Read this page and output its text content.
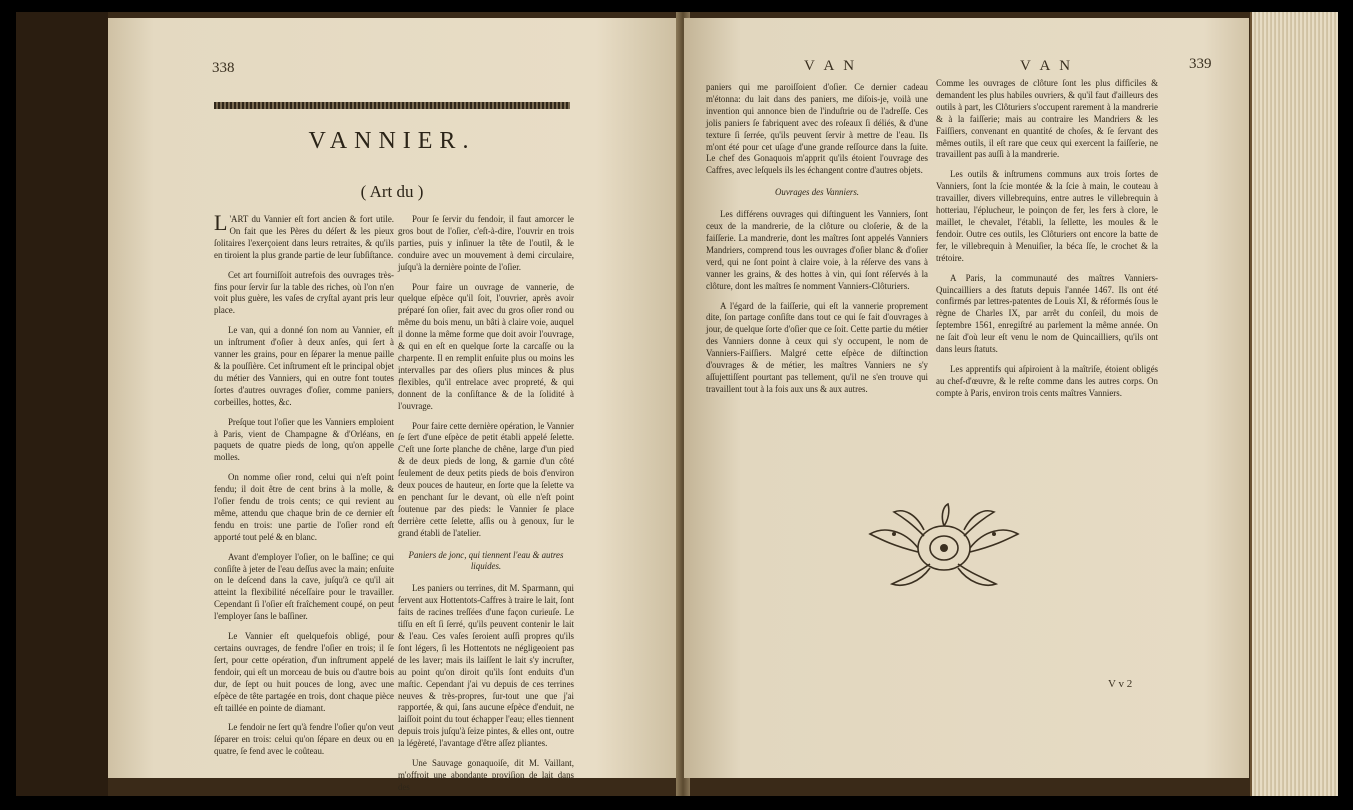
338
VANNIER.
( Art du )

L 'ART du Vannier eſt fort ancien & fort utile. On fait que les Pères du déſert & les pieux ſolitaires l'exerçoient dans leurs retraites, & qu'ils en tiroient la plus grande partie de leur ſubſiſtance.

Cet art fourniſſoit autrefois des ouvrages très-fins pour ſervir ſur la table des riches, où l'on n'en voit plus guère, les vaſes de cryſtal ayant pris leur place.

Le van, qui a donné ſon nom au Vannier, eſt un inſtrument d'oſier à deux anſes, qui ſert à vanner les grains, pour en ſéparer la menue paille & la pouſſière. Cet inſtrument eſt le principal objet du métier des Vanniers, qui en outre font toutes ſortes d'autres ouvrages d'oſier, comme paniers, corbeilles, hottes, &c.

Preſque tout l'oſier que les Vanniers emploient à Paris, vient de Champagne & d'Orléans, en paquets de quatre pieds de long, qu'on appelle molles.

On nomme oſier rond, celui qui n'eſt point fendu; il doit être de cent brins à la molle, & l'oſier fendu de trois cents; ce qui revient au même, attendu que chaque brin de ce dernier eſt fendu en trois: une partie de l'oſier rond eſt apporté tout pelé & en blanc.

Avant d'employer l'oſier, on le baſſine; ce qui conſiſte à jeter de l'eau deſſus avec la main; enſuite on le deſcend dans la cave, juſqu'à ce qu'il ait atteint la flexibilité néceſſaire pour le travailler. Cependant ſi l'oſier eſt fraîchement coupé, on peut l'employer ſans le baſſiner.

Le Vannier eſt quelquefois obligé, pour certains ouvrages, de fendre l'oſier en trois; il ſe ſert, pour cette opération, d'un inſtrument appelé fendoir, qui eſt un morceau de buis ou d'autre bois dur, de ſept ou huit pouces de long, avec une eſpèce de tête partagée en trois, dont chaque pièce eſt taillée en pointe de diamant.

Le fendoir ne ſert qu'à fendre l'oſier qu'on veut ſéparer en trois: celui qu'on ſépare en deux ou en quatre, ſe fend avec le coûteau.

Pour ſe ſervir du fendoir, il faut amorcer le gros bout de l'oſier, c'eſt-à-dire, l'ouvrir en trois parties, puis y inſinuer la tête de l'outil, & le conduire avec un mouvement à demi circulaire, juſqu'à la dernière pointe de l'oſier.

Pour faire un ouvrage de vannerie, de quelque eſpèce qu'il ſoit, l'ouvrier, après avoir préparé ſon oſier, fait avec du gros oſier rond ou même du bois menu, un bâti à claire voie, auquel il donne la même forme que doit avoir l'ouvrage, & qui en eſt en quelque ſorte la carcaſſe ou la charpente. Il en remplit enſuite plus ou moins les intervalles par des oſiers plus minces & plus flexibles, qu'il entrelace avec propreté, & qui donnent de la conſiſtance & de la ſolidité à l'ouvrage.

Pour faire cette dernière opération, le Vannier ſe ſert d'une eſpèce de petit établi appelé ſelette. C'eſt une ſorte planche de chêne, large d'un pied & de deux pieds de long, & garnie d'un côté ſeulement de deux petits pieds de bois d'environ deux pouces de hauteur, en ſorte que la ſelette va en penchant ſur le devant, où elle n'eſt point ſoutenue par des pieds: le Vannier ſe place derrière cette ſelette, aſſis ou à genoux, ſur le grand établi de l'atelier.

Paniers de jonc, qui tiennent l'eau & autres liquides.

Les paniers ou terrines, dit M. Sparmann, qui ſervent aux Hottentots-Caffres à traire le lait, ſont faits de racines treſſées d'une façon curieuſe. Le tiſſu en eſt ſi ſerré, qu'ils peuvent contenir le lait & l'eau. Ces vaſes ſeroient auſſi propres qu'ils ſont légers, ſi les Hottentots ne négligeoient pas de les laver; mais ils laiſſent le lait s'y incruſter, au point qu'on diroit qu'ils ſont enduits d'un maſtic. Cependant j'ai vu depuis de ces terrines neuves & très-propres, ſur-tout une que j'ai rapportée, & qui, ſans aucune eſpèce d'enduit, ne laiſſoit point du tout échapper l'eau; elles tiennent depuis trois juſqu'à ſeize pintes, & elles ont, outre la légèreté, l'avantage d'être aſſez pliantes.

Une Sauvage gonaquoiſe, dit M. Vaillant, m'offroit une abondante proviſion de lait dans des

V A N	V A N	339

paniers qui me paroiſſoient d'oſier. Ce dernier cadeau m'étonna: du lait dans des paniers, me diſois-je, voilà une invention qui annonce bien de l'induſtrie ou de l'adreſſe. Ces jolis paniers ſe fabriquent avec des roſeaux ſi déliés, & d'une texture ſi ſerrée, qu'ils peuvent ſervir à mettre de l'eau. Ils m'ont été pour cet uſage d'une grande reſſource dans la ſuite. Le chef des Gonaquois m'apprit qu'ils étoient l'ouvrage des Caffres, avec leſquels ils les échangent contre d'autres objets.

Ouvrages des Vanniers.

Les différens ouvrages qui diſtinguent les Vanniers, ſont ceux de la mandrerie, de la clôture ou cloſerie, & de la faiſſerie. La mandrerie, dont les maîtres ſont appelés Vanniers Mandriers, comprend tous les ouvrages d'oſier blanc & d'oſier verd, qui ne ſont point à claire voie, à la réſerve des vans à vanner les grains, & des hottes à vin, qui ſont réſervés à la clôture, dont les maîtres ſe nomment Vanniers-Clôturiers.

A l'égard de la faiſſerie, qui eſt la vannerie proprement dite, ſon partage conſiſte dans tout ce qui ſe fait d'ouvrages à jour, de quelque ſorte d'oſier que ce ſoit. Cette partie du métier des Vanniers donne à ceux qui s'y occupent, le nom de Vanniers-Faiſſiers. Malgré cette eſpèce de diſtinction d'ouvrages & de métier, les maîtres Vanniers ne s'y aſſujettiſſent pourtant pas tellement, qu'il ne s'en trouve qui travaillent tout à la fois aux uns & aux autres.

Comme les ouvrages de clôture ſont les plus difficiles & demandent les plus habiles ouvriers, & qu'il faut d'ailleurs des outils à part, les Clôturiers s'occupent rarement à la mandrerie & à la faiſſerie; mais au contraire les Mandriers & les Faiſſiers, convenant en quantité de choſes, & ſe ſervant des mêmes outils, il eſt rare que ceux qui exercent la faiſſerie, ne travaillent pas auſſi à la mandrerie.

Les outils & inſtrumens communs aux trois ſortes de Vanniers, ſont la ſcie montée & la ſcie à main, le couteau à travailler, divers villebrequins, entre autres le villebrequin à hotteriau, l'éplucheur, le poinçon de fer, les fers à clore, le maillet, le chevalet, l'établi, la ſellette, les moules & le fendoir. Outre ces outils, les Clôturiers ont encore la batte de fer, le villebrequin à Menuiſier, la béca ſſe, le crochet & la trétoire.

A Paris, la communauté des maîtres Vanniers-Quincailliers a des ſtatuts depuis l'année 1467. Ils ont été confirmés par lettres-patentes de Louis XI, & réformés ſous le règne de Charles IX, par arrêt du conſeil, du mois de ſeptembre 1561, enregiſtré au parlement la même année. On ne ſait d'où leur eſt venu le nom de Quincailliers, qu'ils ont dans leurs ſtatuts.

Les apprentifs qui aſpiroient à la maîtriſe, étoient obligés au chef-d'œuvre, & le reſte comme dans les autres corps. On compte à Paris, environ trois cents maîtres Vanniers.

V v 2
